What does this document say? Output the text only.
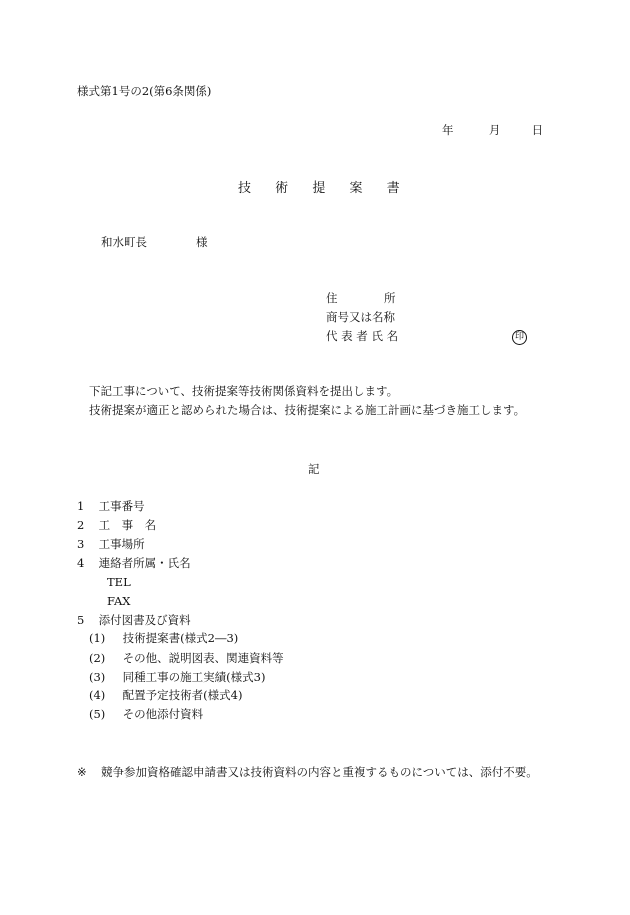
様式第1号の2(第6条関係)
年	月	日
技 術 提 案 書
和水町長	様
住	所
商号又は名称
代 表 者 氏 名	印
下記工事について、技術提案等技術関係資料を提出します。
技術提案が適正と認められた場合は、技術提案による施工計画に基づき施工します。
記
1 工事番号
2 工　事　名
3 工事場所
4 連絡者所属・氏名
TEL
FAX
5 添付図書及び資料
(1) 技術提案書(様式2―3)
(2) その他、説明図表、関連資料等
(3) 同種工事の施工実績(様式3)
(4) 配置予定技術者(様式4)
(5) その他添付資料
※ 競争参加資格確認申請書又は技術資料の内容と重複するものについては、添付不要。
